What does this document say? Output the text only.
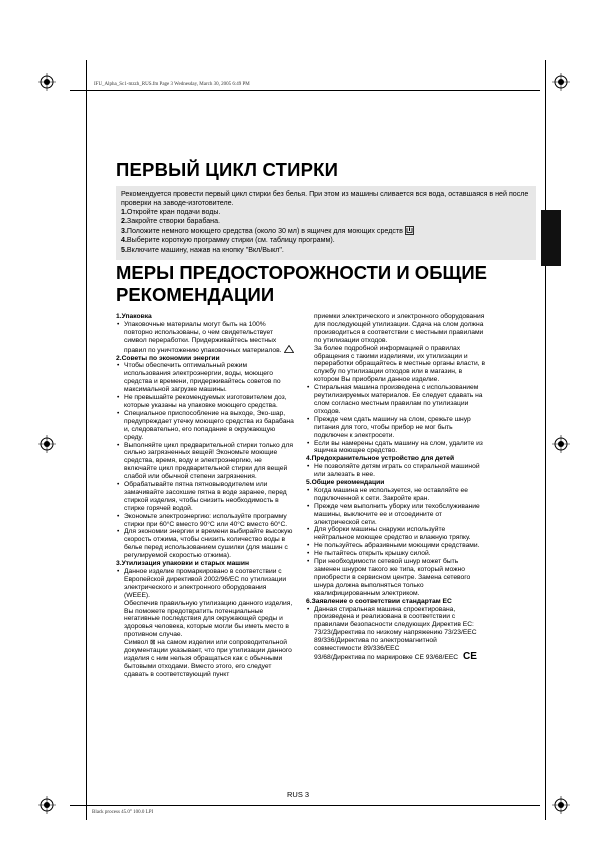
IFU_Alpha_Sc1-mzzh_RUS.fm Page 3 Wednesday, March 30, 2005 6:49 PM
Black process 45.0° 100.0 LPI
ПЕРВЫЙ ЦИКЛ СТИРКИ

Рекомендуется провести первый цикл стирки без белья. При этом из машины сливается вся вода, оставшаяся в ней после проверки на заводе-изготовителе.

1.Откройте кран подачи воды.

2.Закройте створки барабана.

3.Положите немного моющего средства (около 30 мл) в ящичек для моющих средств

4.Выберите короткую программу стирки (см. таблицу программ).

5.Включите машину, нажав на кнопку "Вкл/Выкл".

МЕРЫ ПРЕДОСТОРОЖНОСТИ И ОБЩИЕ РЕКОМЕНДАЦИИ

1.Упаковка

• Упаковочные материалы могут быть на 100% повторно использованы, о чем свидетельствует символ переработки. Придерживайтесь местных правил по уничтожению упаковочных материалов.

2.Советы по экономии энергии

• Чтобы обеспечить оптимальный режим использования электроэнергии, воды, моющего средства и времени, придерживайтесь советов по максимальной загрузке машины.

• Не превышайте рекомендуемых изготовителем доз, которые указаны на упаковке моющего средства.

• Специальное приспособление на выходе, Эко-шар, предупреждает утечку моющего средства из барабана и, следовательно, его попадание в окружающую среду.

• Выполняйте цикл предварительной стирки только для сильно загрязненных вещей! Экономьте моющие средства, время, воду и электроэнергию, не включайте цикл предварительной стирки для вещей слабой или обычной степени загрязнения.

• Обрабатывайте пятна пятновыводителем или замачивайте засохшие пятна в воде заранее, перед стиркой изделия, чтобы снизить необходимость в стирке горячей водой.

• Экономьте электроэнергию: используйте программу стирки при 60°C вместо 90°C или 40°C вместо 60°C.

• Для экономии энергии и времени выбирайте высокую скорость отжима, чтобы снизить количество воды в белье перед использованием сушилки (для машин с регулируемой скоростью отжима).

3.Утилизация упаковки и старых машин

• Данное изделие промаркировано в соответствии с Европейской директивой 2002/96/ЕС по утилизации электрического и электронного оборудования (WEEE).

Обеспечив правильную утилизацию данного изделия, Вы поможете предотвратить потенциальные негативные последствия для окружающей среды и здоровья человека, которые могли бы иметь место в противном случае.

Символ ⊠ на самом изделии или сопроводительной документации указывает, что при утилизации данного изделия с ним нельзя обращаться как с обычными бытовыми отходами. Вместо этого, его следует сдавать в соответствующий пункт

приемки электрического и электронного оборудования для последующей утилизации. Сдача на слом должна производиться в соответствии с местными правилами по утилизации отходов.

За более подробной информацией о правилах обращения с такими изделиями, их утилизации и переработки обращайтесь в местные органы власти, в службу по утилизации отходов или в магазин, в котором Вы приобрели данное изделие.

• Стиральная машина произведена с использованием реутилизируемых материалов. Ее следует сдавать на слом согласно местным правилам по утилизации отходов.

• Прежде чем сдать машину на слом, срежьте шнур питания для того, чтобы прибор не мог быть подключен к электросети.

• Если вы намерены сдать машину на слом, удалите из ящичка моющее средство.

4.Предохранительное устройство для детей

• Не позволяйте детям играть со стиральной машиной или залезать в нее.

5.Общие рекомендации

• Когда машина не используется, не оставляйте ее подключенной к сети. Закройте кран.

• Прежде чем выполнить уборку или техобслуживание машины, выключите ее и отсоедините от электрической сети.

• Для уборки машины снаружи используйте нейтральное моющее средство и влажную тряпку.

• Не пользуйтесь абразивными моющими средствами.

• Не пытайтесь открыть крышку силой.

• При необходимости сетевой шнур может быть заменен шнуром такого же типа, который можно приобрести в сервисном центре. Замена сетевого шнура должна выполняться только квалифицированным электриком.

6.Заявление о соответствии стандартам ЕС

• Данная стиральная машина спроектирована, произведена и реализована в соответствии с правилами безопасности следующих Директив ЕС:

73/23/Директива по низкому напряжению 73/23/EEC

89/336/Директива по электромагнитной совместимости 89/336/EEC

93/68/Директива по маркировке CE 93/68/EEC CE

RUS 3
